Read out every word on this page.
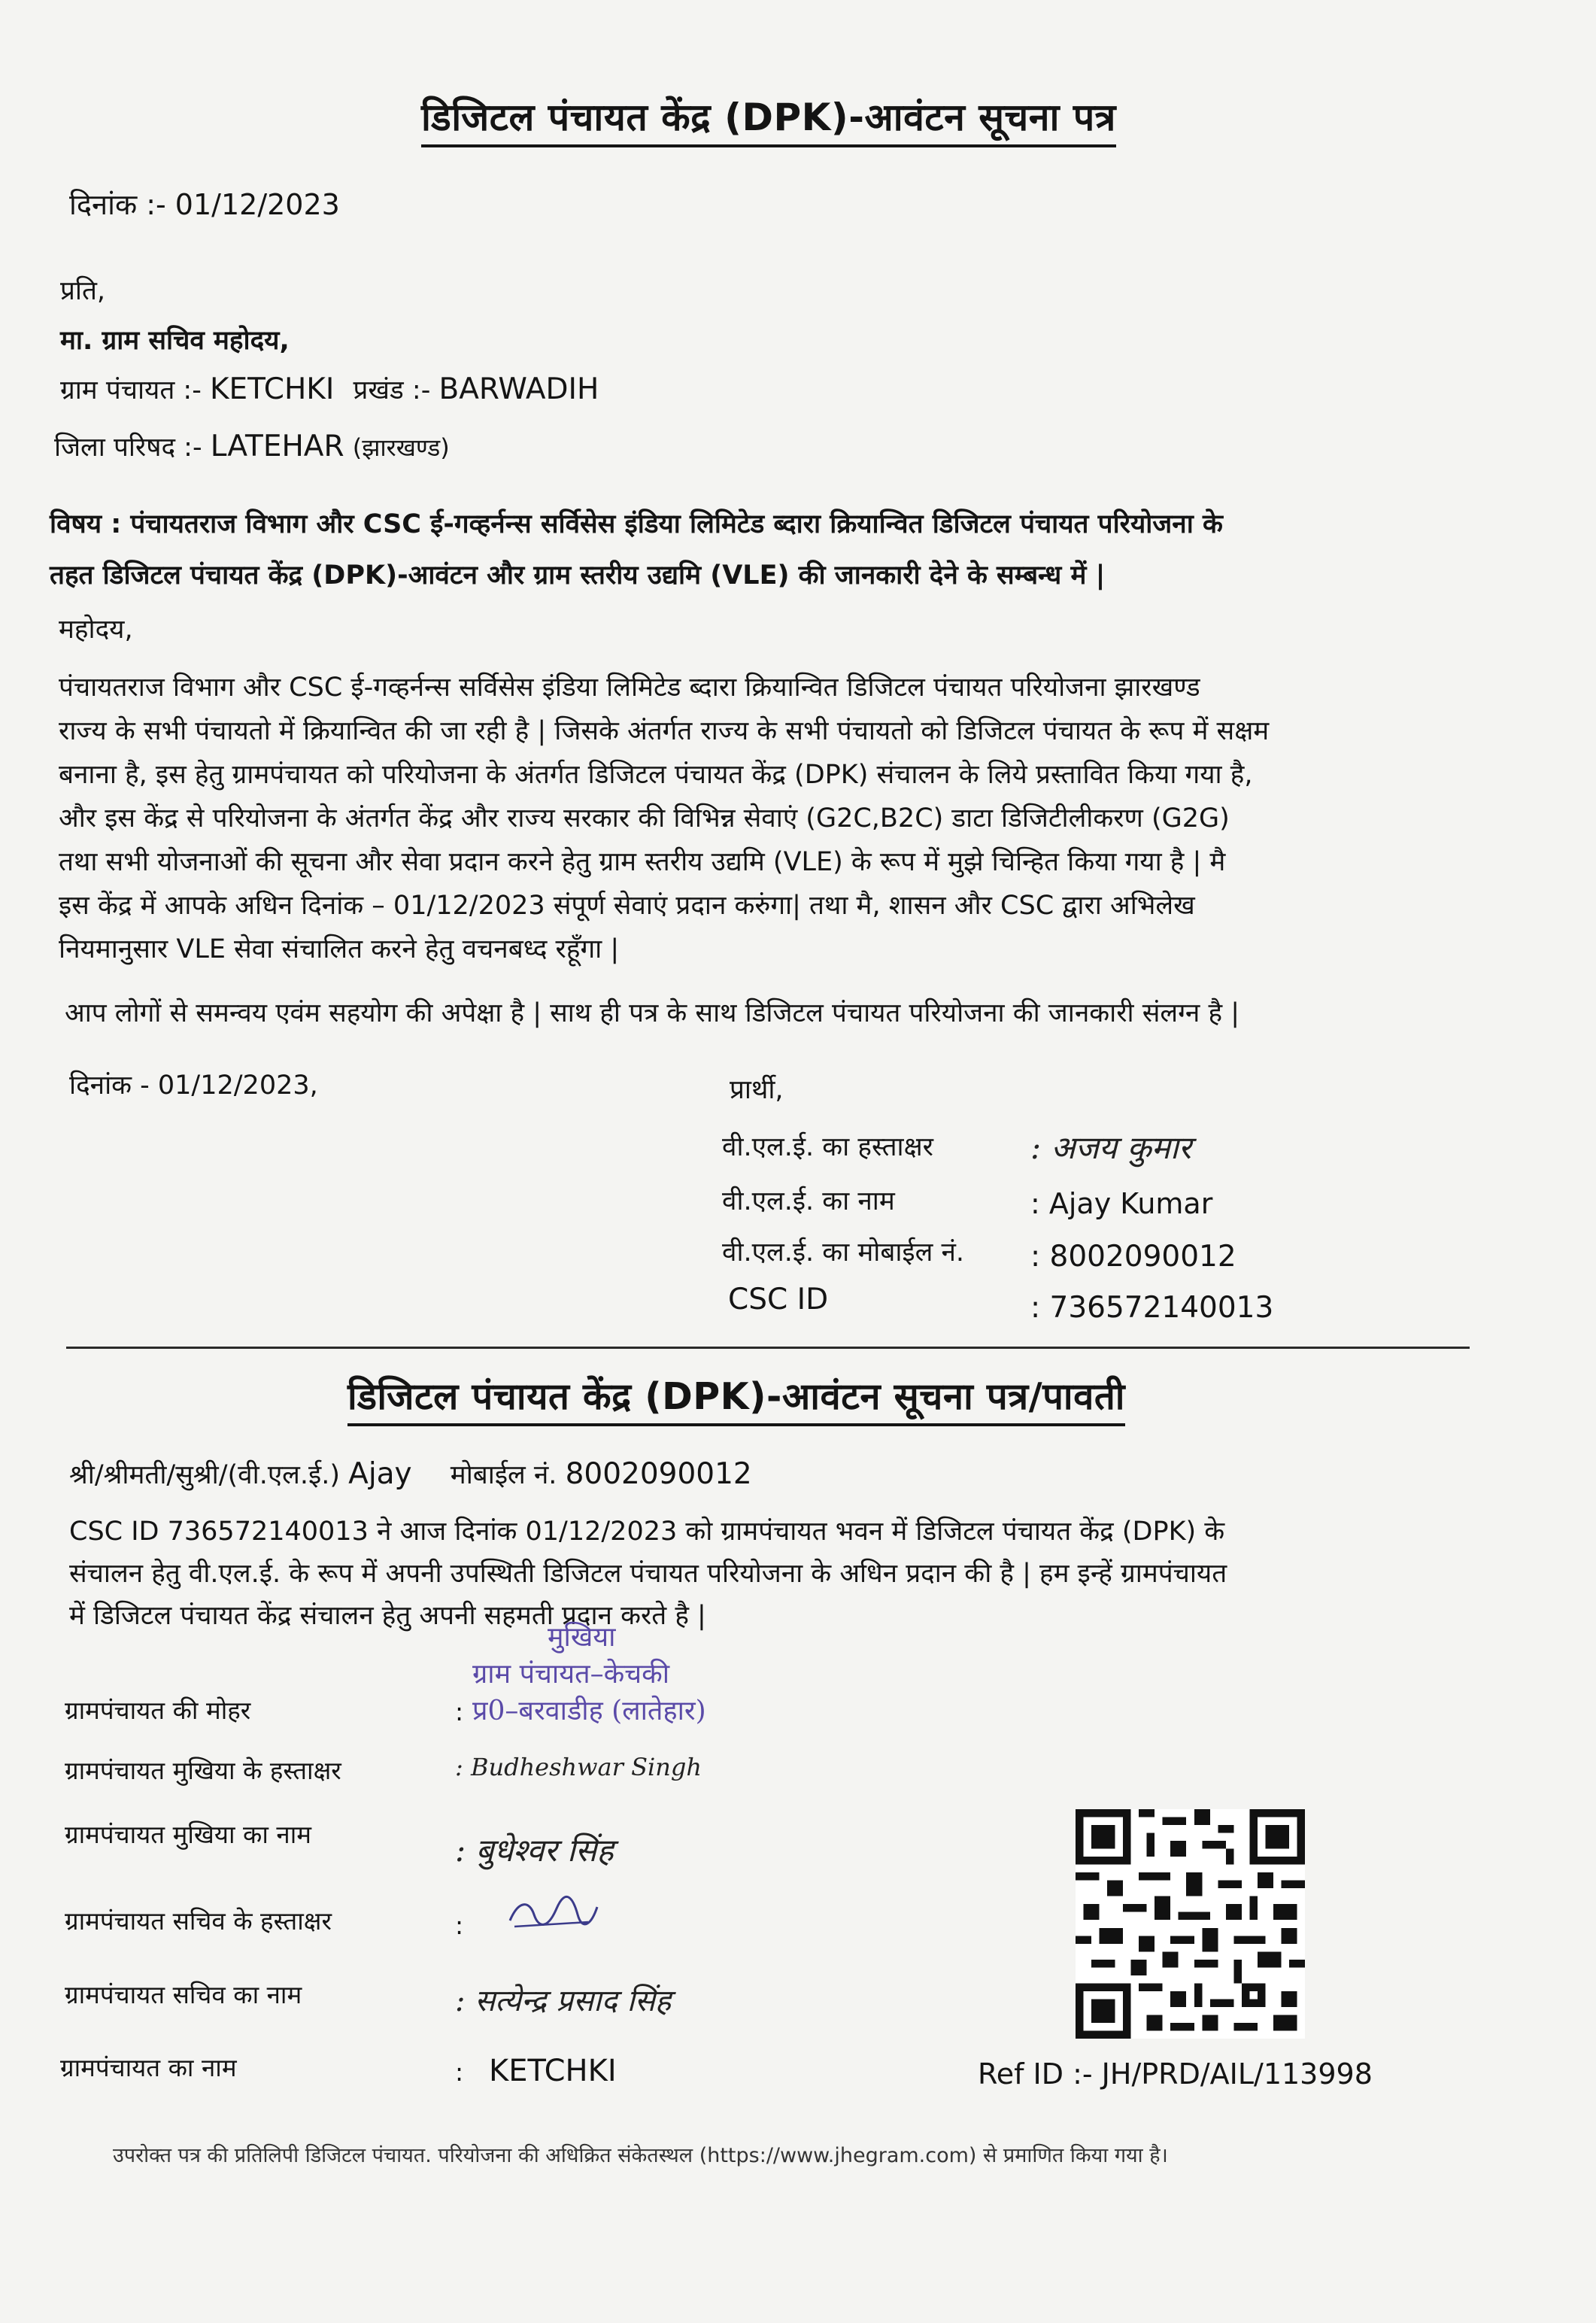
डिजिटल पंचायत केंद्र (DPK)-आवंटन सूचना पत्र
दिनांक :- 01/12/2023
प्रति,
मा. ग्राम सचिव महोदय,
ग्राम पंचायत :- KETCHKI प्रखंड :- BARWADIH
जिला परिषद :- LATEHAR (झारखण्ड)
विषय : पंचायतराज विभाग और CSC ई-गव्हर्नन्स सर्विसेस इंडिया लिमिटेड ब्दारा क्रियान्वित डिजिटल पंचायत परियोजना के
तहत डिजिटल पंचायत केंद्र (DPK)-आवंटन और ग्राम स्तरीय उद्यमि (VLE) की जानकारी देने के सम्बन्ध में |
महोदय,
पंचायतराज विभाग और CSC ई-गव्हर्नन्स सर्विसेस इंडिया लिमिटेड ब्दारा क्रियान्वित डिजिटल पंचायत परियोजना झारखण्ड
राज्य के सभी पंचायतो में क्रियान्वित की जा रही है | जिसके अंतर्गत राज्य के सभी पंचायतो को डिजिटल पंचायत के रूप में सक्षम
बनाना है, इस हेतु ग्रामपंचायत को परियोजना के अंतर्गत डिजिटल पंचायत केंद्र (DPK) संचालन के लिये प्रस्तावित किया गया है,
और इस केंद्र से परियोजना के अंतर्गत केंद्र और राज्य सरकार की विभिन्न सेवाएं (G2C,B2C) डाटा डिजिटीलीकरण (G2G)
तथा सभी योजनाओं की सूचना और सेवा प्रदान करने हेतु ग्राम स्तरीय उद्यमि (VLE) के रूप में मुझे चिन्हित किया गया है | मै
इस केंद्र में आपके अधिन दिनांक – 01/12/2023 संपूर्ण सेवाएं प्रदान करुंगा| तथा मै, शासन और CSC द्वारा अभिलेख
नियमानुसार VLE सेवा संचालित करने हेतु वचनबध्द रहूँगा |
आप लोगों से समन्वय एवंम सहयोग की अपेक्षा है | साथ ही पत्र के साथ डिजिटल पंचायत परियोजना की जानकारी संलग्न है |
दिनांक - 01/12/2023,	प्रार्थी,
वी.एल.ई. का हस्ताक्षर	: अजय कुमार
वी.एल.ई. का नाम	: Ajay Kumar
वी.एल.ई. का मोबाईल नं. : 8002090012
CSC ID	: 736572140013
डिजिटल पंचायत केंद्र (DPK)-आवंटन सूचना पत्र/पावती
श्री/श्रीमती/सुश्री/(वी.एल.ई.) Ajay मोबाईल नं. 8002090012
CSC ID 736572140013 ने आज दिनांक 01/12/2023 को ग्रामपंचायत भवन में डिजिटल पंचायत केंद्र (DPK) के
संचालन हेतु वी.एल.ई. के रूप में अपनी उपस्थिती डिजिटल पंचायत परियोजना के अधिन प्रदान की है | हम इन्हें ग्रामपंचायत
में डिजिटल पंचायत केंद्र संचालन हेतु अपनी सहमती प्रदान करते है |
मुखिया
ग्राम पंचायत–केचकी
प्र0–बरवाडीह (लातेहार)
ग्रामपंचायत की मोहर	:
ग्रामपंचायत मुखिया के हस्ताक्षर	: Budheshwar Singh
ग्रामपंचायत मुखिया का नाम	: बुधेश्वर सिंह
ग्रामपंचायत सचिव के हस्ताक्षर	:
ग्रामपंचायत सचिव का नाम	: सत्येन्द्र प्रसाद सिंह
ग्रामपंचायत का नाम	: KETCHKI	Ref ID :- JH/PRD/AIL/113998
उपरोक्त पत्र की प्रतिलिपी डिजिटल पंचायत. परियोजना की अधिक्रित संकेतस्थल (https://www.jhegram.com) से प्रमाणित किया गया है।
